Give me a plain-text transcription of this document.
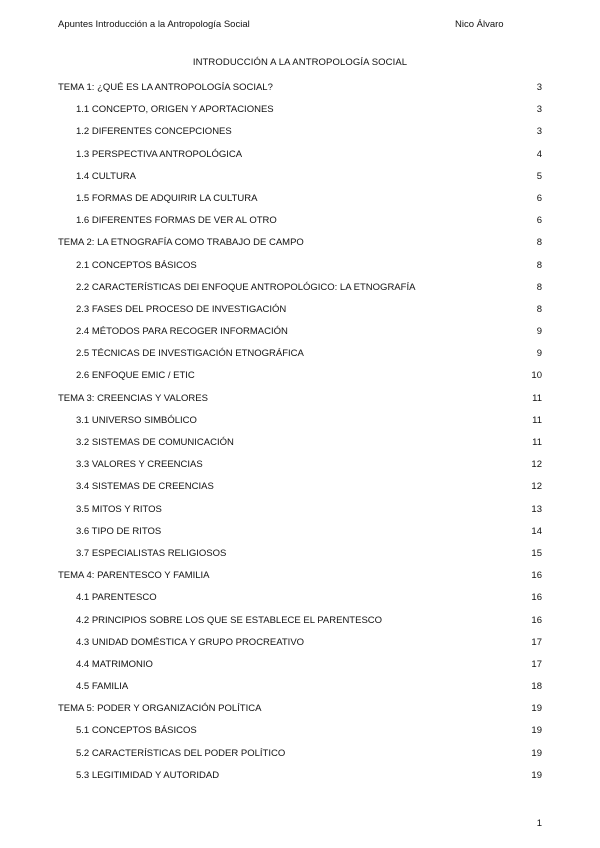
Apuntes Introducción a la Antropología Social	Nico Álvaro
INTRODUCCIÓN A LA ANTROPOLOGÍA SOCIAL
TEMA 1: ¿QUÉ ES LA ANTROPOLOGÍA SOCIAL?	3
1.1 CONCEPTO, ORIGEN Y APORTACIONES	3
1.2 DIFERENTES CONCEPCIONES	3
1.3 PERSPECTIVA ANTROPOLÓGICA	4
1.4 CULTURA	5
1.5 FORMAS DE ADQUIRIR LA CULTURA	6
1.6 DIFERENTES FORMAS DE VER AL OTRO	6
TEMA 2: LA ETNOGRAFÍA COMO TRABAJO DE CAMPO	8
2.1 CONCEPTOS BÁSICOS	8
2.2 CARACTERÍSTICAS DEl ENFOQUE ANTROPOLÓGICO: LA ETNOGRAFÍA	8
2.3 FASES DEL PROCESO DE INVESTIGACIÓN	8
2.4 MÉTODOS PARA RECOGER INFORMACIÓN	9
2.5 TÉCNICAS DE INVESTIGACIÓN ETNOGRÁFICA	9
2.6 ENFOQUE EMIC / ETIC	10
TEMA 3: CREENCIAS Y VALORES	11
3.1 UNIVERSO SIMBÓLICO	11
3.2 SISTEMAS DE COMUNICACIÓN	11
3.3 VALORES Y CREENCIAS	12
3.4 SISTEMAS DE CREENCIAS	12
3.5 MITOS Y RITOS	13
3.6 TIPO DE RITOS	14
3.7 ESPECIALISTAS RELIGIOSOS	15
TEMA 4: PARENTESCO Y FAMILIA	16
4.1 PARENTESCO	16
4.2 PRINCIPIOS SOBRE LOS QUE SE ESTABLECE EL PARENTESCO	16
4.3 UNIDAD DOMÉSTICA Y GRUPO PROCREATIVO	17
4.4 MATRIMONIO	17
4.5 FAMILIA	18
TEMA 5: PODER Y ORGANIZACIÓN POLÍTICA	19
5.1 CONCEPTOS BÁSICOS	19
5.2 CARACTERÍSTICAS DEL PODER POLÍTICO	19
5.3 LEGITIMIDAD Y AUTORIDAD	19
1
